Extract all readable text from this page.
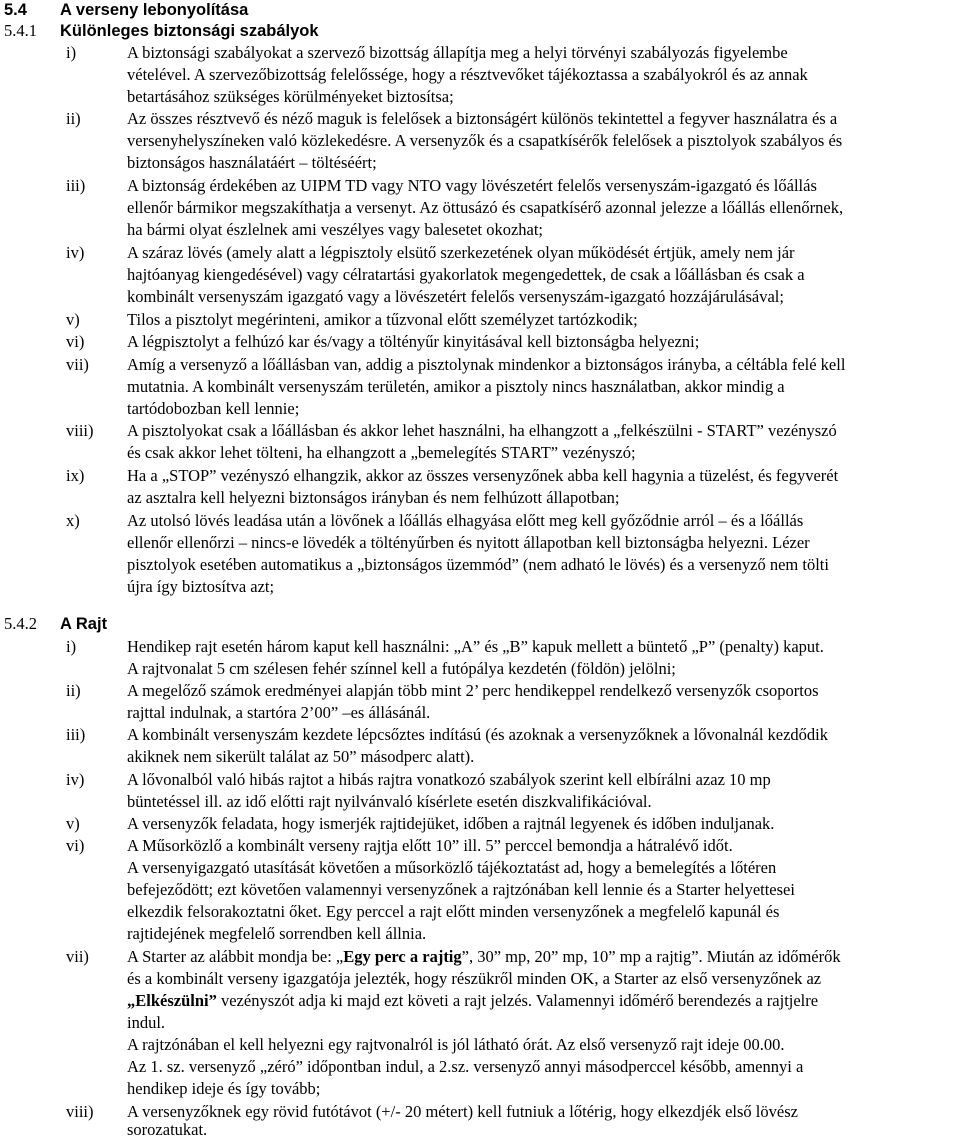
5.4 A verseny lebonyolítása
5.4.1 Különleges biztonsági szabályok
i)	A biztonsági szabályokat a szervező bizottság állapítja meg a helyi törvényi szabályozás figyelembe
vételével. A szervezőbizottság felelőssége, hogy a résztvevőket tájékoztassa a szabályokról és az annak
betartásához szükséges körülményeket biztosítsa;
ii)	Az összes résztvevő és néző maguk is felelősek a biztonságért különös tekintettel a fegyver használatra és a
versenyhelyszíneken való közlekedésre. A versenyzők és a csapatkísérők felelősek a pisztolyok szabályos és
biztonságos használatáért – töltéséért;
iii)	A biztonság érdekében az UIPM TD vagy NTO vagy lövészetért felelős versenyszám-igazgató és lőállás
ellenőr bármikor megszakíthatja a versenyt. Az öttusázó és csapatkísérő azonnal jelezze a lőállás ellenőrnek,
ha bármi olyat észlelnek ami veszélyes vagy balesetet okozhat;
iv)	A száraz lövés (amely alatt a légpisztoly elsütő szerkezetének olyan működését értjük, amely nem jár
hajtóanyag kiengedésével) vagy célratartási gyakorlatok megengedettek, de csak a lőállásban és csak a
kombinált versenyszám igazgató vagy a lövészetért felelős versenyszám-igazgató hozzájárulásával;
v)	Tilos a pisztolyt megérinteni, amikor a tűzvonal előtt személyzet tartózkodik;
vi)	A légpisztolyt a felhúzó kar és/vagy a töltényűr kinyitásával kell biztonságba helyezni;
vii) Amíg a versenyző a lőállásban van, addig a pisztolynak mindenkor a biztonságos irányba, a céltábla felé kell
mutatnia. A kombinált versenyszám területén, amikor a pisztoly nincs használatban, akkor mindig a
tartódobozban kell lennie;
viii) A pisztolyokat csak a lőállásban és akkor lehet használni, ha elhangzott a „felkészülni - START” vezényszó
és csak akkor lehet tölteni, ha elhangzott a „bemelegítés START” vezényszó;
ix)	Ha a „STOP” vezényszó elhangzik, akkor az összes versenyzőnek abba kell hagynia a tüzelést, és fegyverét
az asztalra kell helyezni biztonságos irányban és nem felhúzott állapotban;
x)	Az utolsó lövés leadása után a lövőnek a lőállás elhagyása előtt meg kell győződnie arról – és a lőállás
ellenőr ellenőrzi – nincs-e lövedék a töltényűrben és nyitott állapotban kell biztonságba helyezni. Lézer
pisztolyok esetében automatikus a „biztonságos üzemmód” (nem adható le lövés) és a versenyző nem tölti
újra így biztosítva azt;
5.4.2 A Rajt
i)	Hendikep rajt esetén három kaput kell használni: „A” és „B” kapuk mellett a büntető „P” (penalty) kaput.
A rajtvonalat 5 cm szélesen fehér színnel kell a futópálya kezdetén (földön) jelölni;
ii)	A megelőző számok eredményei alapján több mint 2’ perc hendikeppel rendelkező versenyzők csoportos
rajttal indulnak, a startóra 2’00” –es állásánál.
iii)	A kombinált versenyszám kezdete lépcsőztes indítású (és azoknak a versenyzőknek a lővonalnál kezdődik
akiknek nem sikerült találat az 50” másodperc alatt).
iv)	A lővonalból való hibás rajtot a hibás rajtra vonatkozó szabályok szerint kell elbírálni azaz 10 mp
büntetéssel ill. az idő előtti rajt nyilvánvaló kísérlete esetén diszkvalifikációval.
v)	A versenyzők feladata, hogy ismerjék rajtidejüket, időben a rajtnál legyenek és időben induljanak.
vi)	A Műsorközlő a kombinált verseny rajtja előtt 10” ill. 5” perccel bemondja a hátralévő időt.
A versenyigazgató utasítását követően a műsorközlő tájékoztatást ad, hogy a bemelegítés a lőtéren
befejeződött; ezt követően valamennyi versenyzőnek a rajtzónában kell lennie és a Starter helyettesei
elkezdik felsorakoztatni őket. Egy perccel a rajt előtt minden versenyzőnek a megfelelő kapunál és
rajtidejének megfelelő sorrendben kell állnia.
vii) A Starter az alábbit mondja be: „Egy perc a rajtig”, 30” mp, 20” mp, 10” mp a rajtig”. Miután az időmérők
és a kombinált verseny igazgatója jelezték, hogy részükről minden OK, a Starter az első versenyzőnek az
„Elkészülni” vezényszót adja ki majd ezt követi a rajt jelzés. Valamennyi időmérő berendezés a rajtjelre
indul.
A rajtzónában el kell helyezni egy rajtvonalról is jól látható órát. Az első versenyző rajt ideje 00.00.
Az 1. sz. versenyző „zéró” időpontban indul, a 2.sz. versenyző annyi másodperccel később, amennyi a
hendikep ideje és így tovább;
viii) A versenyzőknek egy rövid futótávot (+/- 20 métert) kell futniuk a lőtérig, hogy elkezdjék első lövész
sorozatukat.
